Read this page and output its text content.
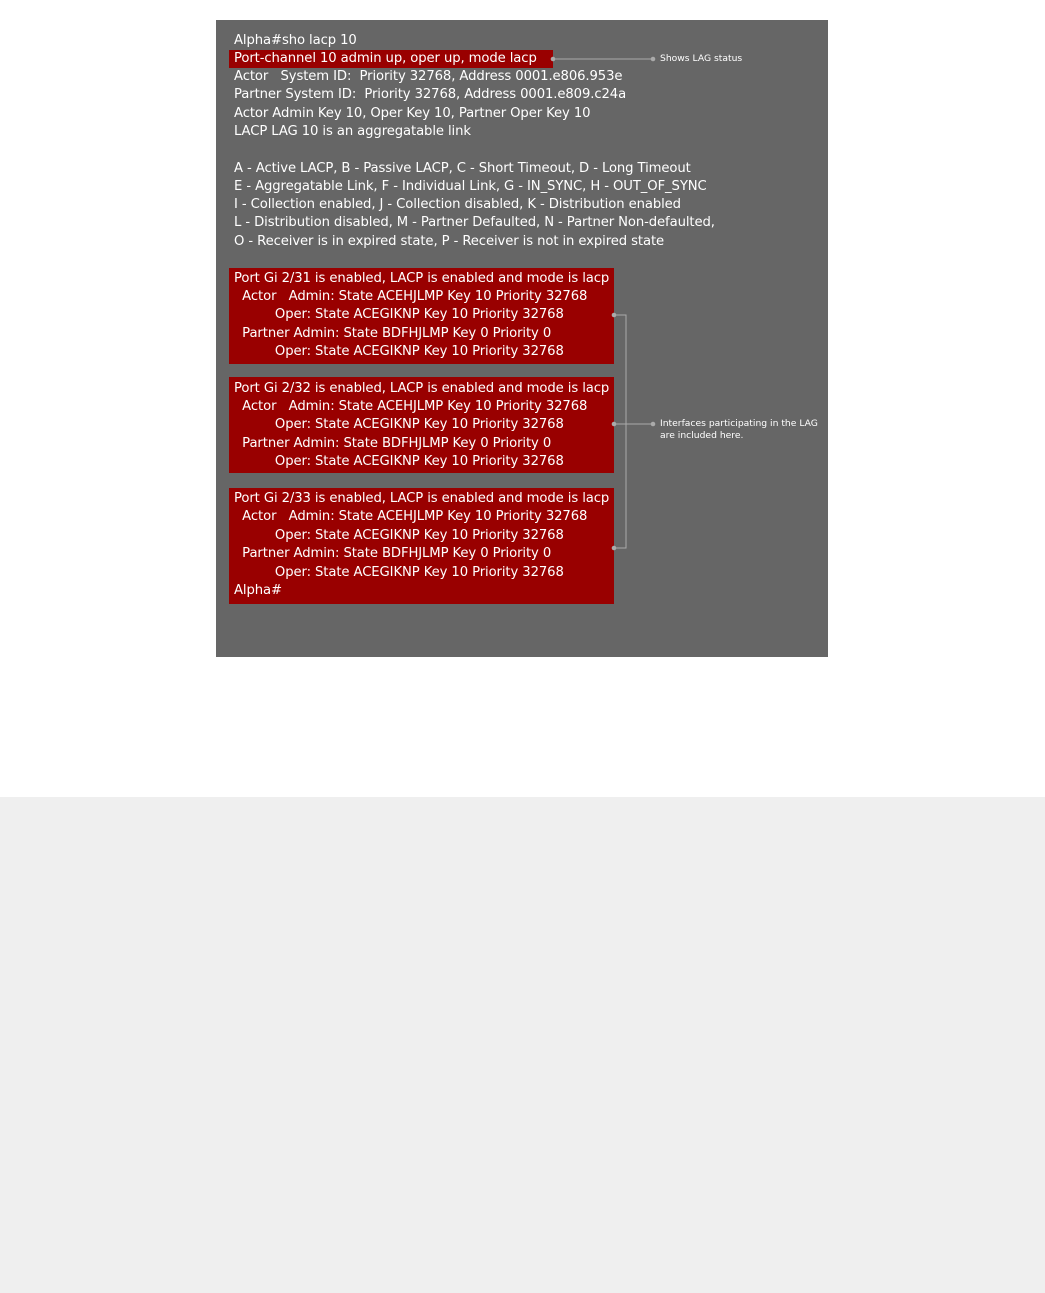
Alpha#sho lacp 10
Port-channel 10 admin up, oper up, mode lacp
Actor   System ID:  Priority 32768, Address 0001.e806.953e
Partner System ID:  Priority 32768, Address 0001.e809.c24a
Actor Admin Key 10, Oper Key 10, Partner Oper Key 10
LACP LAG 10 is an aggregatable link
A - Active LACP, B - Passive LACP, C - Short Timeout, D - Long Timeout
E - Aggregatable Link, F - Individual Link, G - IN_SYNC, H - OUT_OF_SYNC
I - Collection enabled, J - Collection disabled, K - Distribution enabled
L - Distribution disabled, M - Partner Defaulted, N - Partner Non-defaulted,
O - Receiver is in expired state, P - Receiver is not in expired state
Port Gi 2/31 is enabled, LACP is enabled and mode is lacp
Actor   Admin: State ACEHJLMP Key 10 Priority 32768
Oper: State ACEGIKNP Key 10 Priority 32768
Partner Admin: State BDFHJLMP Key 0 Priority 0
Oper: State ACEGIKNP Key 10 Priority 32768
Port Gi 2/32 is enabled, LACP is enabled and mode is lacp
Actor   Admin: State ACEHJLMP Key 10 Priority 32768
Oper: State ACEGIKNP Key 10 Priority 32768
Partner Admin: State BDFHJLMP Key 0 Priority 0
Oper: State ACEGIKNP Key 10 Priority 32768
Port Gi 2/33 is enabled, LACP is enabled and mode is lacp
Actor   Admin: State ACEHJLMP Key 10 Priority 32768
Oper: State ACEGIKNP Key 10 Priority 32768
Partner Admin: State BDFHJLMP Key 0 Priority 0
Oper: State ACEGIKNP Key 10 Priority 32768
Alpha#
Shows LAG status
Interfaces participating in the LAG
are included here.
